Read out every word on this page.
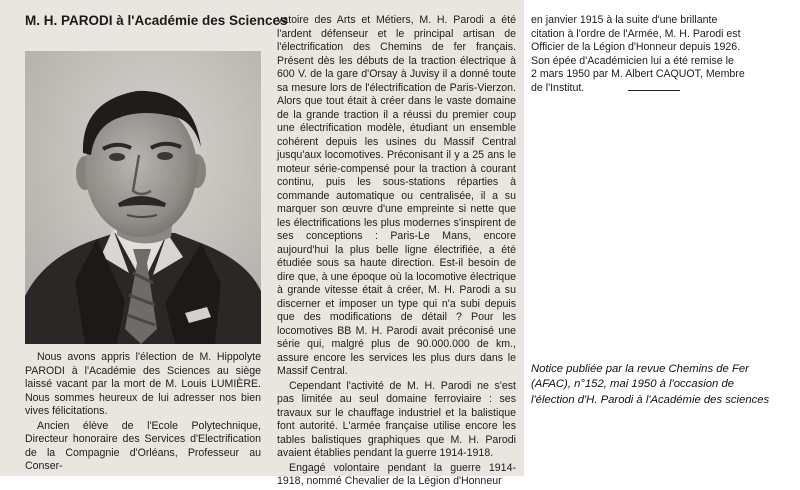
M. H. PARODI à l'Académie des Sciences

Nous avons appris l'élection de M. Hippolyte PARODI à l'Académie des Sciences au siège laissé vacant par la mort de M. Louis LUMIÈRE. Nous sommes heureux de lui adresser nos bien vives félicitations.

Ancien élève de l'Ecole Polytechnique, Directeur honoraire des Services d'Electrification de la Compagnie d'Orléans, Professeur au Conser-

vatoire des Arts et Métiers, M. H. Parodi a été l'ardent défenseur et le principal artisan de l'électrification des Chemins de fer français. Présent dès les débuts de la traction électrique à 600 V. de la gare d'Orsay à Juvisy il a donné toute sa mesure lors de l'électrification de Paris-Vierzon. Alors que tout était à créer dans le vaste domaine de la grande traction il a réussi du premier coup une électrification modèle, étudiant un ensemble cohérent depuis les usines du Massif Central jusqu'aux locomotives. Préconisant il y a 25 ans le moteur série-compensé pour la traction à courant continu, puis les sous-stations réparties à commande automatique ou centralisée, il a su marquer son œuvre d'une empreinte si nette que les électrifications les plus modernes s'inspirent de ses conceptions : Paris-Le Mans, encore aujourd'hui la plus belle ligne électrifiée, a été étudiée sous sa haute direction. Est-il besoin de dire que, à une époque où la locomotive électrique à grande vitesse était à créer, M. H. Parodi a su discerner et imposer un type qui n'a subi depuis que des modifications de détail ? Pour les locomotives BB M. H. Parodi avait préconisé une série qui, malgré plus de 90.000.000 de km., assure encore les services les plus durs dans le Massif Central.

Cependant l'activité de M. H. Parodi ne s'est pas limitée au seul domaine ferroviaire : ses travaux sur le chauffage industriel et la balistique font autorité. L'armée française utilise encore les tables balistiques graphiques que M. H. Parodi avaient établies pendant la guerre 1914-1918.

Engagé volontaire pendant la guerre 1914-1918, nommé Chevalier de la Légion d'Honneur

en janvier 1915 à la suite d'une brillante
citation à l'ordre de l'Armée, M. H. Parodi est
Officier de la Légion d'Honneur depuis 1926.
Son épée d'Académicien lui a été remise le
2 mars 1950 par M. Albert CAQUOT, Membre
de l'Institut.
Notice publiée par la revue Chemins de Fer
(AFAC), n°152, mai 1950 à l'occasion de
l'élection d'H. Parodi à l'Académie des sciences
